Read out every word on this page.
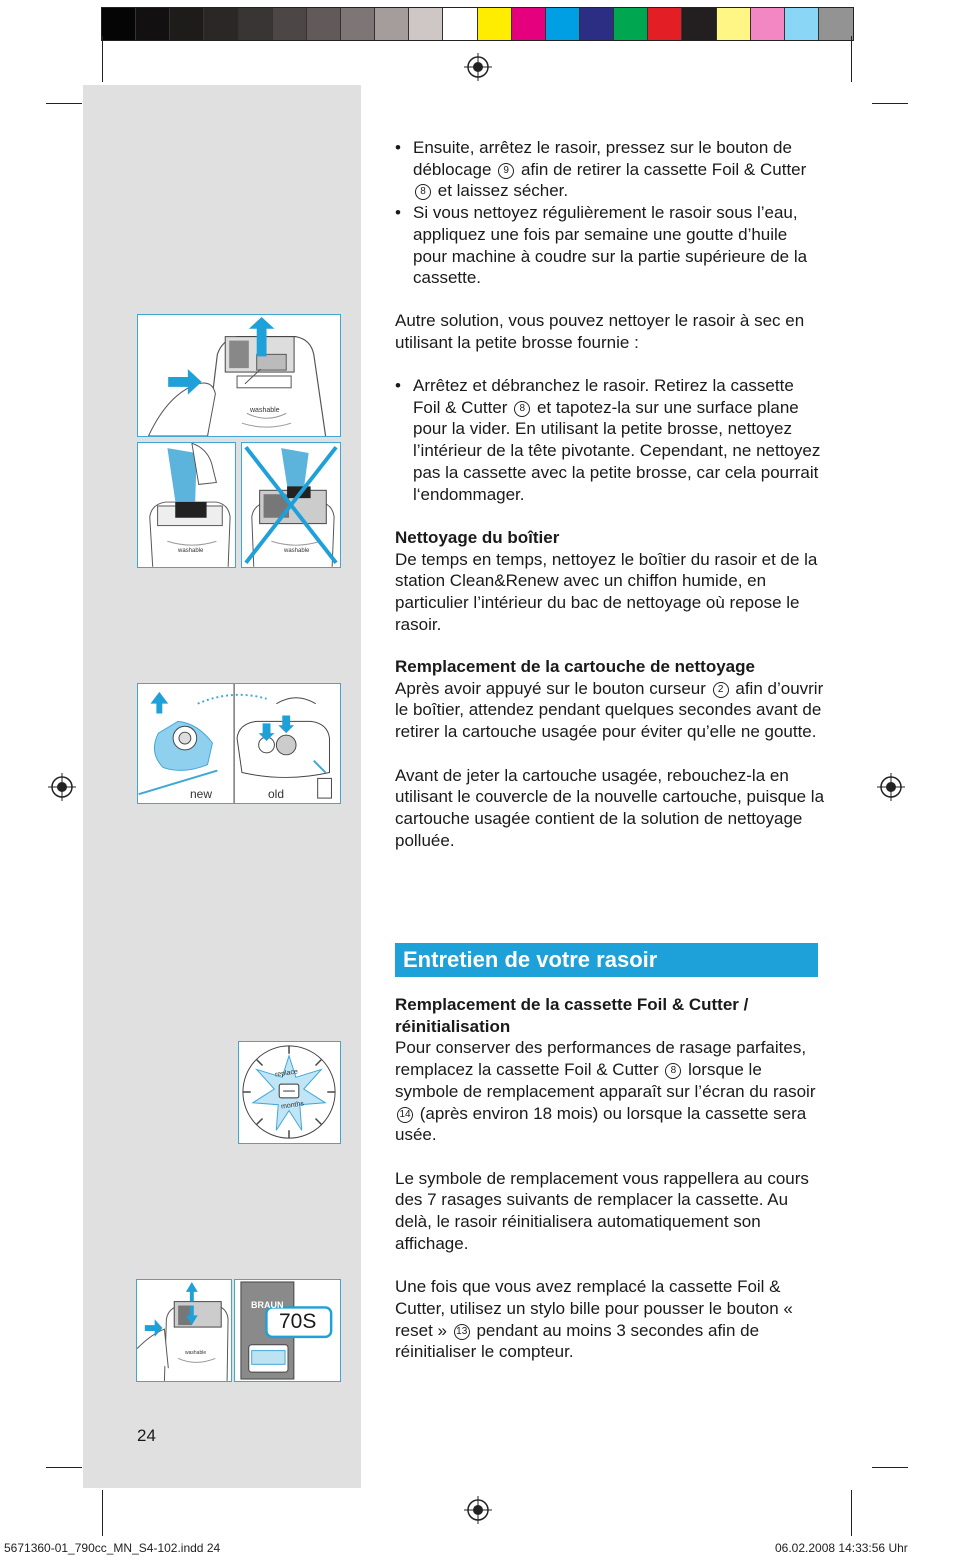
washable
washable	washable
new	old
replace
months
washable
BRAUN
70S

• Ensuite, arrêtez le rasoir, pressez sur le bouton de déblocage 9 afin de retirer la cassette Foil & Cutter 8 et laissez sécher.

• Si vous nettoyez régulièrement le rasoir sous l’eau, appliquez une fois par semaine une goutte d’huile pour machine à coudre sur la partie supérieure de la cassette.

Autre solution, vous pouvez nettoyer le rasoir à sec en utilisant la petite brosse fournie :

• Arrêtez et débranchez le rasoir. Retirez la cassette Foil & Cutter 8 et tapotez-la sur une surface plane pour la vider. En utilisant la petite brosse, nettoyez l’intérieur de la tête pivotante. Cependant, ne nettoyez pas la cassette avec la petite brosse, car cela pourrait l‘endommager.

Nettoyage du boîtier

De temps en temps, nettoyez le boîtier du rasoir et de la station Clean&Renew avec un chiffon humide, en particulier l’intérieur du bac de nettoyage où repose le rasoir.

Remplacement de la cartouche de nettoyage

Après avoir appuyé sur le bouton curseur 2 afin d’ouvrir le boîtier, attendez pendant quelques secondes avant de retirer la cartouche usagée pour éviter qu’elle ne goutte.

Avant de jeter la cartouche usagée, rebouchez-la en utilisant le couvercle de la nouvelle cartouche, puisque la cartouche usagée contient de la solution de nettoyage polluée.

Entretien de votre rasoir

Remplacement de la cassette Foil & Cutter / réinitialisation

Pour conserver des performances de rasage parfaites, remplacez la cassette Foil & Cutter 8 lorsque le symbole de remplacement apparaît sur l’écran du rasoir 14 (après environ 18 mois) ou lorsque la cassette sera usée.

Le symbole de remplacement vous rappellera au cours des 7 rasages suivants de remplacer la cassette. Au delà, le rasoir réinitialisera automatiquement son affichage.

Une fois que vous avez remplacé la cassette Foil & Cutter, utilisez un stylo bille pour pousser le bouton « reset » 13 pendant au moins 3 secondes afin de réinitialiser le compteur.

24
5671360-01_790cc_MN_S4-102.indd 24	06.02.2008 14:33:56 Uhr
